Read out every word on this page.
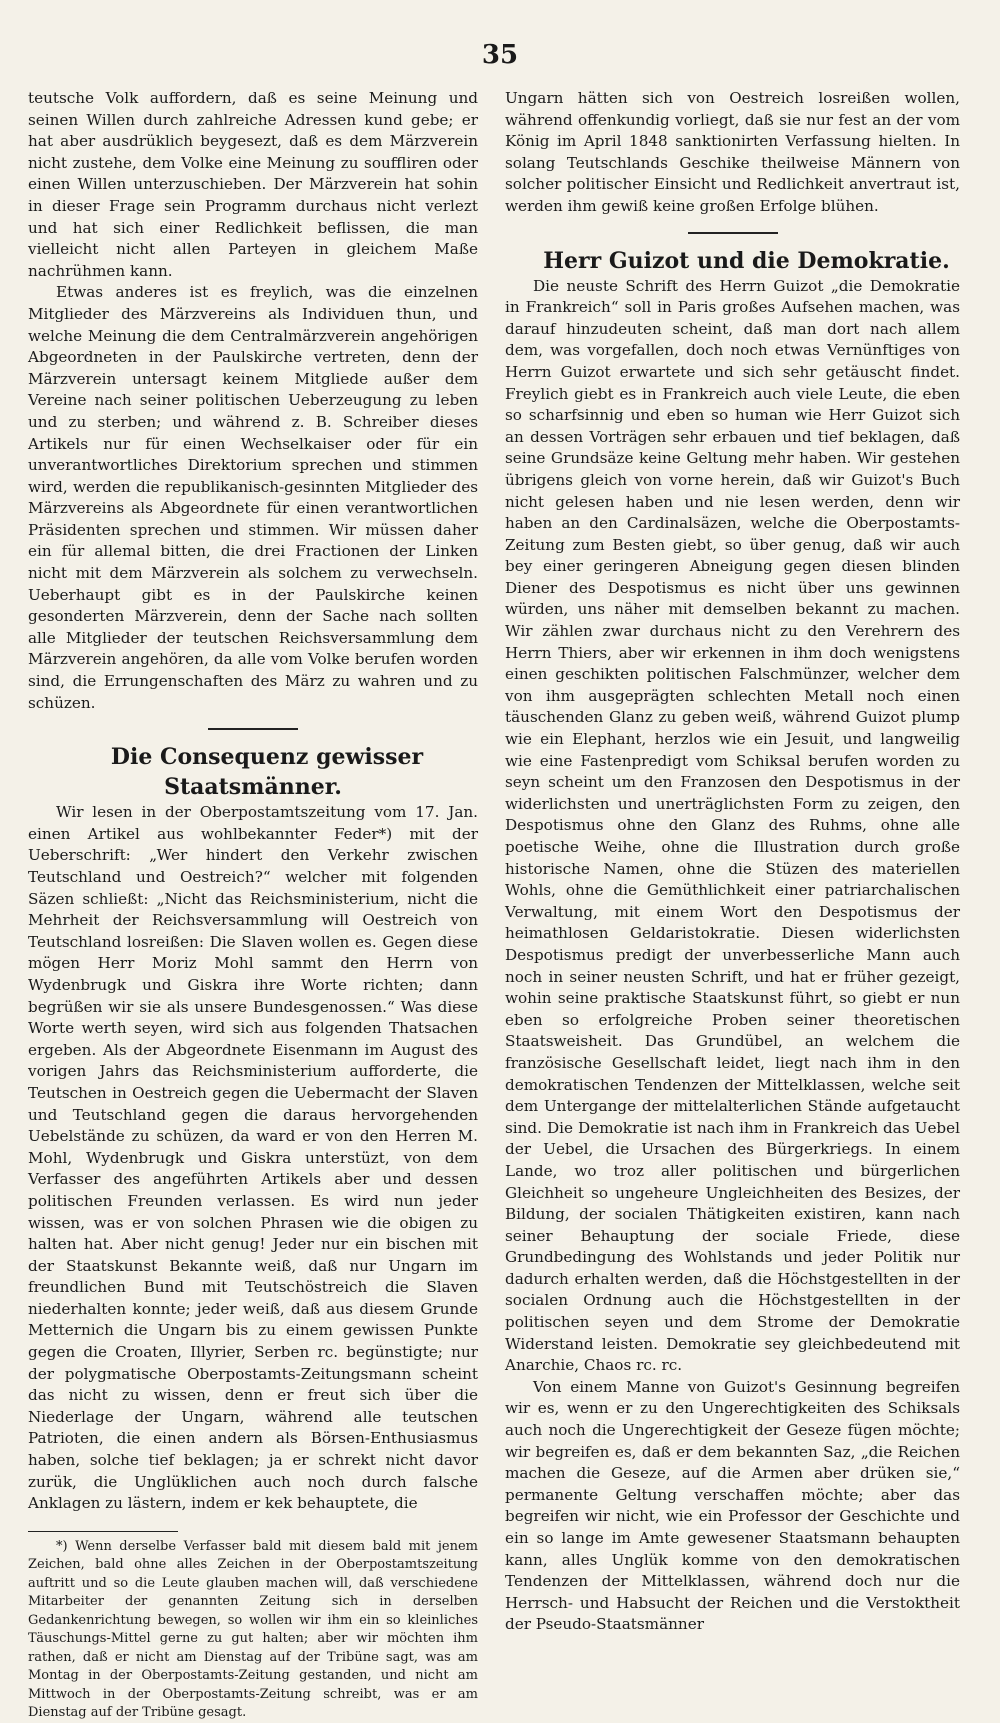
35

teutsche Volk auffordern, daß es seine Meinung und seinen Willen durch zahlreiche Adressen kund gebe; er hat aber ausdrüklich beygesezt, daß es dem Märzverein nicht zustehe, dem Volke eine Meinung zu souffliren oder einen Willen unterzuschieben. Der Märzverein hat sohin in dieser Frage sein Programm durchaus nicht verlezt und hat sich einer Redlichkeit beflissen, die man vielleicht nicht allen Parteyen in gleichem Maße nachrühmen kann.

Etwas anderes ist es freylich, was die einzelnen Mitglieder des Märzvereins als Individuen thun, und welche Meinung die dem Centralmärzverein angehörigen Abgeordneten in der Paulskirche vertreten, denn der Märzverein untersagt keinem Mitgliede außer dem Vereine nach seiner politischen Ueberzeugung zu leben und zu sterben; und während z. B. Schreiber dieses Artikels nur für einen Wechselkaiser oder für ein unverantwortliches Direktorium sprechen und stimmen wird, werden die republikanisch-gesinnten Mitglieder des Märzvereins als Abgeordnete für einen verantwortlichen Präsidenten sprechen und stimmen. Wir müssen daher ein für allemal bitten, die drei Fractionen der Linken nicht mit dem Märzverein als solchem zu verwechseln. Ueberhaupt gibt es in der Paulskirche keinen gesonderten Märzverein, denn der Sache nach sollten alle Mitglieder der teutschen Reichsversammlung dem Märzverein angehören, da alle vom Volke berufen worden sind, die Errungenschaften des März zu wahren und zu schüzen.

Die Consequenz gewisser Staatsmänner.

Wir lesen in der Oberpostamtszeitung vom 17. Jan. einen Artikel aus wohlbekannter Feder*) mit der Ueberschrift: „Wer hindert den Verkehr zwischen Teutschland und Oestreich?“ welcher mit folgenden Säzen schließt: „Nicht das Reichsministerium, nicht die Mehrheit der Reichsversammlung will Oestreich von Teutschland losreißen: Die Slaven wollen es. Gegen diese mögen Herr Moriz Mohl sammt den Herrn von Wydenbrugk und Giskra ihre Worte richten; dann begrüßen wir sie als unsere Bundesgenossen.“ Was diese Worte werth seyen, wird sich aus folgenden Thatsachen ergeben. Als der Abgeordnete Eisenmann im August des vorigen Jahrs das Reichsministerium aufforderte, die Teutschen in Oestreich gegen die Uebermacht der Slaven und Teutschland gegen die daraus hervorgehenden Uebelstände zu schüzen, da ward er von den Herren M. Mohl, Wydenbrugk und Giskra unterstüzt, von dem Verfasser des angeführten Artikels aber und dessen politischen Freunden verlassen. Es wird nun jeder wissen, was er von solchen Phrasen wie die obigen zu halten hat. Aber nicht genug! Jeder nur ein bischen mit der Staatskunst Bekannte weiß, daß nur Ungarn im freundlichen Bund mit Teutschöstreich die Slaven niederhalten konnte; jeder weiß, daß aus diesem Grunde Metternich die Ungarn bis zu einem gewissen Punkte gegen die Croaten, Illyrier, Serben rc. begünstigte; nur der polygmatische Oberpostamts-Zeitungsmann scheint das nicht zu wissen, denn er freut sich über die Niederlage der Ungarn, während alle teutschen Patrioten, die einen andern als Börsen-Enthusiasmus haben, solche tief beklagen; ja er schrekt nicht davor zurük, die Unglüklichen auch noch durch falsche Anklagen zu lästern, indem er kek behauptete, die

*) Wenn derselbe Verfasser bald mit diesem bald mit jenem Zeichen, bald ohne alles Zeichen in der Oberpostamtszeitung auftritt und so die Leute glauben machen will, daß verschiedene Mitarbeiter der genannten Zeitung sich in derselben Gedankenrichtung bewegen, so wollen wir ihm ein so kleinliches Täuschungs-Mittel gerne zu gut halten; aber wir möchten ihm rathen, daß er nicht am Dienstag auf der Tribüne sagt, was am Montag in der Oberpostamts-Zeitung gestanden, und nicht am Mittwoch in der Oberpostamts-Zeitung schreibt, was er am Dienstag auf der Tribüne gesagt.

Ungarn hätten sich von Oestreich losreißen wollen, während offenkundig vorliegt, daß sie nur fest an der vom König im April 1848 sanktionirten Verfassung hielten. In solang Teutschlands Geschike theilweise Männern von solcher politischer Einsicht und Redlichkeit anvertraut ist, werden ihm gewiß keine großen Erfolge blühen.

Herr Guizot und die Demokratie.

Die neuste Schrift des Herrn Guizot „die Demokratie in Frankreich“ soll in Paris großes Aufsehen machen, was darauf hinzudeuten scheint, daß man dort nach allem dem, was vorgefallen, doch noch etwas Vernünftiges von Herrn Guizot erwartete und sich sehr getäuscht findet. Freylich giebt es in Frankreich auch viele Leute, die eben so scharfsinnig und eben so human wie Herr Guizot sich an dessen Vorträgen sehr erbauen und tief beklagen, daß seine Grundsäze keine Geltung mehr haben. Wir gestehen übrigens gleich von vorne herein, daß wir Guizot's Buch nicht gelesen haben und nie lesen werden, denn wir haben an den Cardinalsäzen, welche die Oberpostamts-Zeitung zum Besten giebt, so über genug, daß wir auch bey einer geringeren Abneigung gegen diesen blinden Diener des Despotismus es nicht über uns gewinnen würden, uns näher mit demselben bekannt zu machen. Wir zählen zwar durchaus nicht zu den Verehrern des Herrn Thiers, aber wir erkennen in ihm doch wenigstens einen geschikten politischen Falschmünzer, welcher dem von ihm ausgeprägten schlechten Metall noch einen täuschenden Glanz zu geben weiß, während Guizot plump wie ein Elephant, herzlos wie ein Jesuit, und langweilig wie eine Fastenpredigt vom Schiksal berufen worden zu seyn scheint um den Franzosen den Despotismus in der widerlichsten und unerträglichsten Form zu zeigen, den Despotismus ohne den Glanz des Ruhms, ohne alle poetische Weihe, ohne die Illustration durch große historische Namen, ohne die Stüzen des materiellen Wohls, ohne die Gemüthlichkeit einer patriarchalischen Verwaltung, mit einem Wort den Despotismus der heimathlosen Geldaristokratie. Diesen widerlichsten Despotismus predigt der unverbesserliche Mann auch noch in seiner neusten Schrift, und hat er früher gezeigt, wohin seine praktische Staatskunst führt, so giebt er nun eben so erfolgreiche Proben seiner theoretischen Staatsweisheit. Das Grundübel, an welchem die französische Gesellschaft leidet, liegt nach ihm in den demokratischen Tendenzen der Mittelklassen, welche seit dem Untergange der mittelalterlichen Stände aufgetaucht sind. Die Demokratie ist nach ihm in Frankreich das Uebel der Uebel, die Ursachen des Bürgerkriegs. In einem Lande, wo troz aller politischen und bürgerlichen Gleichheit so ungeheure Ungleichheiten des Besizes, der Bildung, der socialen Thätigkeiten existiren, kann nach seiner Behauptung der sociale Friede, diese Grundbedingung des Wohlstands und jeder Politik nur dadurch erhalten werden, daß die Höchstgestellten in der socialen Ordnung auch die Höchstgestellten in der politischen seyen und dem Strome der Demokratie Widerstand leisten. Demokratie sey gleichbedeutend mit Anarchie, Chaos rc. rc.

Von einem Manne von Guizot's Gesinnung begreifen wir es, wenn er zu den Ungerechtigkeiten des Schiksals auch noch die Ungerechtigkeit der Geseze fügen möchte; wir begreifen es, daß er dem bekannten Saz, „die Reichen machen die Geseze, auf die Armen aber drüken sie,“ permanente Geltung verschaffen möchte; aber das begreifen wir nicht, wie ein Professor der Geschichte und ein so lange im Amte gewesener Staatsmann behaupten kann, alles Unglük komme von den demokratischen Tendenzen der Mittelklassen, während doch nur die Herrsch- und Habsucht der Reichen und die Verstoktheit der Pseudo-Staatsmänner
